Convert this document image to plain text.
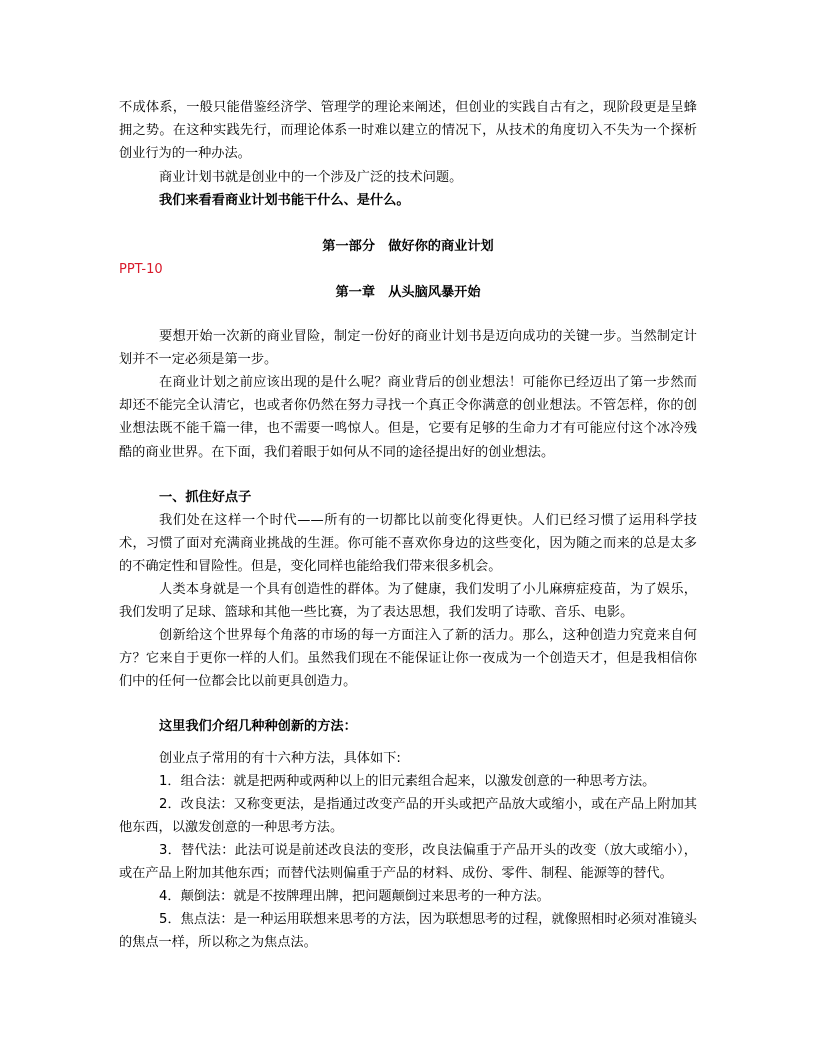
不成体系，一般只能借鉴经济学、管理学的理论来阐述，但创业的实践自古有之，现阶段更是呈蜂拥之势。在这种实践先行，而理论体系一时难以建立的情况下，从技术的角度切入不失为一个探析创业行为的一种办法。

商业计划书就是创业中的一个涉及广泛的技术问题。

我们来看看商业计划书能干什么、是什么。

第一部分　做好你的商业计划

PPT-10

第一章　从头脑风暴开始

要想开始一次新的商业冒险，制定一份好的商业计划书是迈向成功的关键一步。当然制定计划并不一定必须是第一步。

在商业计划之前应该出现的是什么呢？商业背后的创业想法！可能你已经迈出了第一步然而却还不能完全认清它，也或者你仍然在努力寻找一个真正令你满意的创业想法。不管怎样，你的创业想法既不能千篇一律，也不需要一鸣惊人。但是，它要有足够的生命力才有可能应付这个冰冷残酷的商业世界。在下面，我们着眼于如何从不同的途径提出好的创业想法。

一、抓住好点子

我们处在这样一个时代——所有的一切都比以前变化得更快。人们已经习惯了运用科学技术，习惯了面对充满商业挑战的生涯。你可能不喜欢你身边的这些变化，因为随之而来的总是太多的不确定性和冒险性。但是，变化同样也能给我们带来很多机会。

人类本身就是一个具有创造性的群体。为了健康，我们发明了小儿麻痹症疫苗，为了娱乐，我们发明了足球、篮球和其他一些比赛，为了表达思想，我们发明了诗歌、音乐、电影。

创新给这个世界每个角落的市场的每一方面注入了新的活力。那么，这种创造力究竟来自何方？它来自于更你一样的人们。虽然我们现在不能保证让你一夜成为一个创造天才，但是我相信你们中的任何一位都会比以前更具创造力。

这里我们介绍几种种创新的方法：

创业点子常用的有十六种方法，具体如下:

1．组合法：就是把两种或两种以上的旧元素组合起来，以激发创意的一种思考方法。

2．改良法：又称变更法，是指通过改变产品的开头或把产品放大或缩小，或在产品上附加其他东西，以激发创意的一种思考方法。

3．替代法：此法可说是前述改良法的变形，改良法偏重于产品开头的改变（放大或缩小），或在产品上附加其他东西；而替代法则偏重于产品的材料、成份、零件、制程、能源等的替代。

4．颠倒法：就是不按牌理出牌，把问题颠倒过来思考的一种方法。

5．焦点法：是一种运用联想来思考的方法，因为联想思考的过程，就像照相时必须对准镜头的焦点一样，所以称之为焦点法。
